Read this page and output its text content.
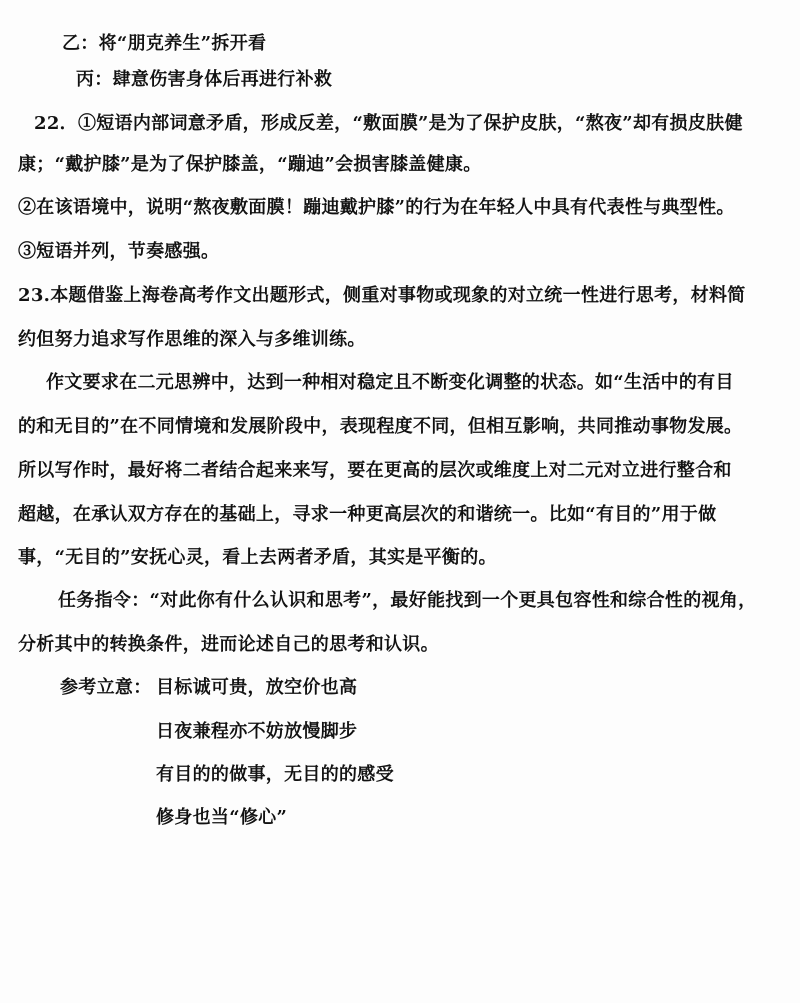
乙：将“朋克养生”拆开看
丙：肆意伤害身体后再进行补救
22．①短语内部词意矛盾，形成反差，“敷面膜”是为了保护皮肤，“熬夜”却有损皮肤健
康；“戴护膝”是为了保护膝盖，“蹦迪”会损害膝盖健康。
②在该语境中，说明“熬夜敷面膜！蹦迪戴护膝”的行为在年轻人中具有代表性与典型性。
③短语并列，节奏感强。
23.本题借鉴上海卷高考作文出题形式，侧重对事物或现象的对立统一性进行思考，材料简
约但努力追求写作思维的深入与多维训练。
作文要求在二元思辨中，达到一种相对稳定且不断变化调整的状态。如“生活中的有目
的和无目的”在不同情境和发展阶段中，表现程度不同，但相互影响，共同推动事物发展。
所以写作时，最好将二者结合起来来写，要在更高的层次或维度上对二元对立进行整合和
超越，在承认双方存在的基础上，寻求一种更高层次的和谐统一。比如“有目的”用于做
事，“无目的”安抚心灵，看上去两者矛盾，其实是平衡的。
任务指令：“对此你有什么认识和思考”，最好能找到一个更具包容性和综合性的视角，
分析其中的转换条件，进而论述自己的思考和认识。
参考立意： 目标诚可贵，放空价也高
日夜兼程亦不妨放慢脚步
有目的的做事，无目的的感受
修身也当“修心”
